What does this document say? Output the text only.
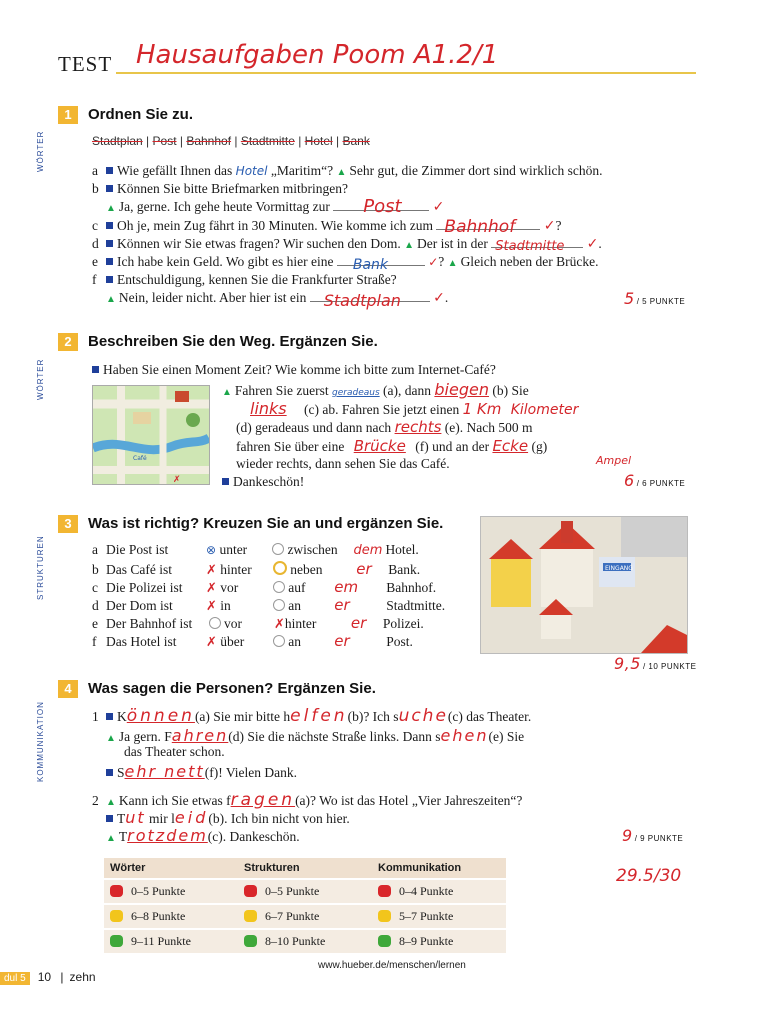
TEST Hausaufgaben Poom A1.2/1
1	Ordnen Sie zu.
WÖRTER	Stadtplan | Post | Bahnhof | Stadtmitte | Hotel | Bank
a Wie gefällt Ihnen das Hotel „Maritim“? ▲ Sehr gut, die Zimmer dort sind wirklich schön.
b Können Sie bitte Briefmarken mitbringen?
▲ Ja, gerne. Ich gehe heute Vormittag zur Post ✓
c Oh je, mein Zug fährt in 30 Minuten. Wie komme ich zum Bahnhof ✓?
d Können wir Sie etwas fragen? Wir suchen den Dom. ▲ Der ist in der Stadtmitte ✓.
e Ich habe kein Geld. Wo gibt es hier eine Bank	✓? ▲ Gleich neben der Brücke.
f Entschuldigung, kennen Sie die Frankfurter Straße?
▲ Nein, leider nicht. Aber hier ist ein Stadtplan ✓.	5 / 5 PUNKTE
2	Beschreiben Sie den Weg. Ergänzen Sie.
WÖRTER	Haben Sie einen Moment Zeit? Wie komme ich bitte zum Internet-Café?
✗
Café
▲ Fahren Sie zuerst geradeaus (a), dann biegen (b) Sie
links (c) ab. Fahren Sie jetzt einen 1 Km Kilometer
(d) geradeaus und dann nach rechts (e). Nach 500 m
fahren Sie über eine Brücke (f) und an der Ecke (g)
Ampel
wieder rechts, dann sehen Sie das Café.
Dankeschön!	6 / 6 PUNKTE
3	Was ist richtig? Kreuzen Sie an und ergänzen Sie.
STRUKTUREN	a Die Post ist	⊗ unter	zwischen dem Hotel.
b Das Café ist	✗ hinter	neben er Bank.
c Die Polizei ist ✗ vor	auf em Bahnhof.
d Der Dom ist	✗ in	an er	Stadtmitte.
e Der Bahnhof ist vor ✗hinter er Polizei.
f Das Hotel ist ✗ über	an er	Post.
EINGANG
9,5 / 10 PUNKTE
4	Was sagen die Personen? Ergänzen Sie.
KOMMUNIKATION	1 Können(a) Sie mir bitte helfen(b)? Ich suche(c) das Theater.
▲ Ja gern. Fahren(d) Sie die nächste Straße links. Dann sehen(e) Sie
das Theater schon.
Sehr nett(f)! Vielen Dank.
2 ▲ Kann ich Sie etwas fragen(a)? Wo ist das Hotel „Vier Jahreszeiten“?
Tut mir leid(b). Ich bin nicht von hier.
▲ Trotzdem(c). Dankeschön.	9 / 9 PUNKTE
29.5/30
Wörter	Strukturen	Kommunikation
0–5 Punkte	0–5 Punkte	0–4 Punkte
6–8 Punkte	6–7 Punkte	5–7 Punkte
9–11 Punkte	8–10 Punkte	8–9 Punkte
dul 5 10 | zehn
www.hueber.de/menschen/lernen
